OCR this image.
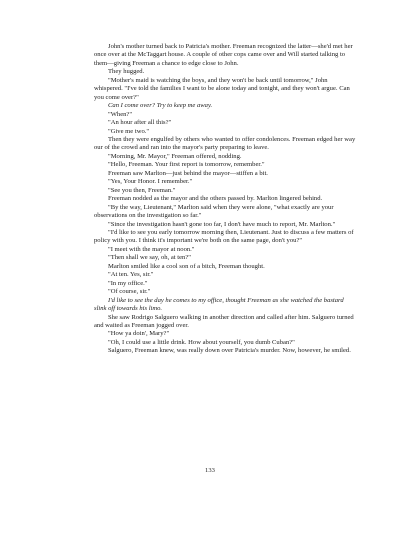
John's mother turned back to Patricia's mother. Freeman recognized the latter—she'd met her once over at the McTaggart house. A couple of other cops came over and Will started talking to them—giving Freeman a chance to edge close to John.

They hugged.

"Mother's maid is watching the boys, and they won't be back until tomorrow," John whispered. "I've told the families I want to be alone today and tonight, and they won't argue. Can you come over?"

Can I come over? Try to keep me away.

"When?"

"An hour after all this?"

"Give me two."

Then they were engulfed by others who wanted to offer condolences. Freeman edged her way our of the crowd and ran into the mayor's party preparing to leave.

"Morning, Mr. Mayor," Freeman offered, nodding.

"Hello, Freeman. Your first report is tomorrow, remember."

Freeman saw Marlton—just behind the mayor—stiffen a bit.

"Yes, Your Honor. I remember."

"See you then, Freeman."

Freeman nodded as the mayor and the others passed by. Marlton lingered behind.

"By the way, Lieutenant," Marlton said when they were alone, "what exactly are your observations on the investigation so far."

"Since the investigation hasn't gone too far, I don't have much to report, Mr. Marlton."

"I'd like to see you early tomorrow morning then, Lieutenant. Just to discuss a few matters of policy with you. I think it's important we're both on the same page, don't you?"

"I meet with the mayor at noon."

"Then shall we say, oh, at ten?"

Marlton smiled like a cool son of a bitch, Freeman thought.

"At ten. Yes, sir."

"In my office."

"Of course, sir."

I'd like to see the day he comes to my office, thought Freeman as she watched the bastard slink off towards his limo.

She saw Rodrigo Salguero walking in another direction and called after him. Salguero turned and waited as Freeman jogged over.

"How ya doin', Mary?"

"Oh, I could use a little drink. How about yourself, you dumb Cuban?"

Salguero, Freeman knew, was really down over Patricia's murder. Now, however, he smiled.

133
